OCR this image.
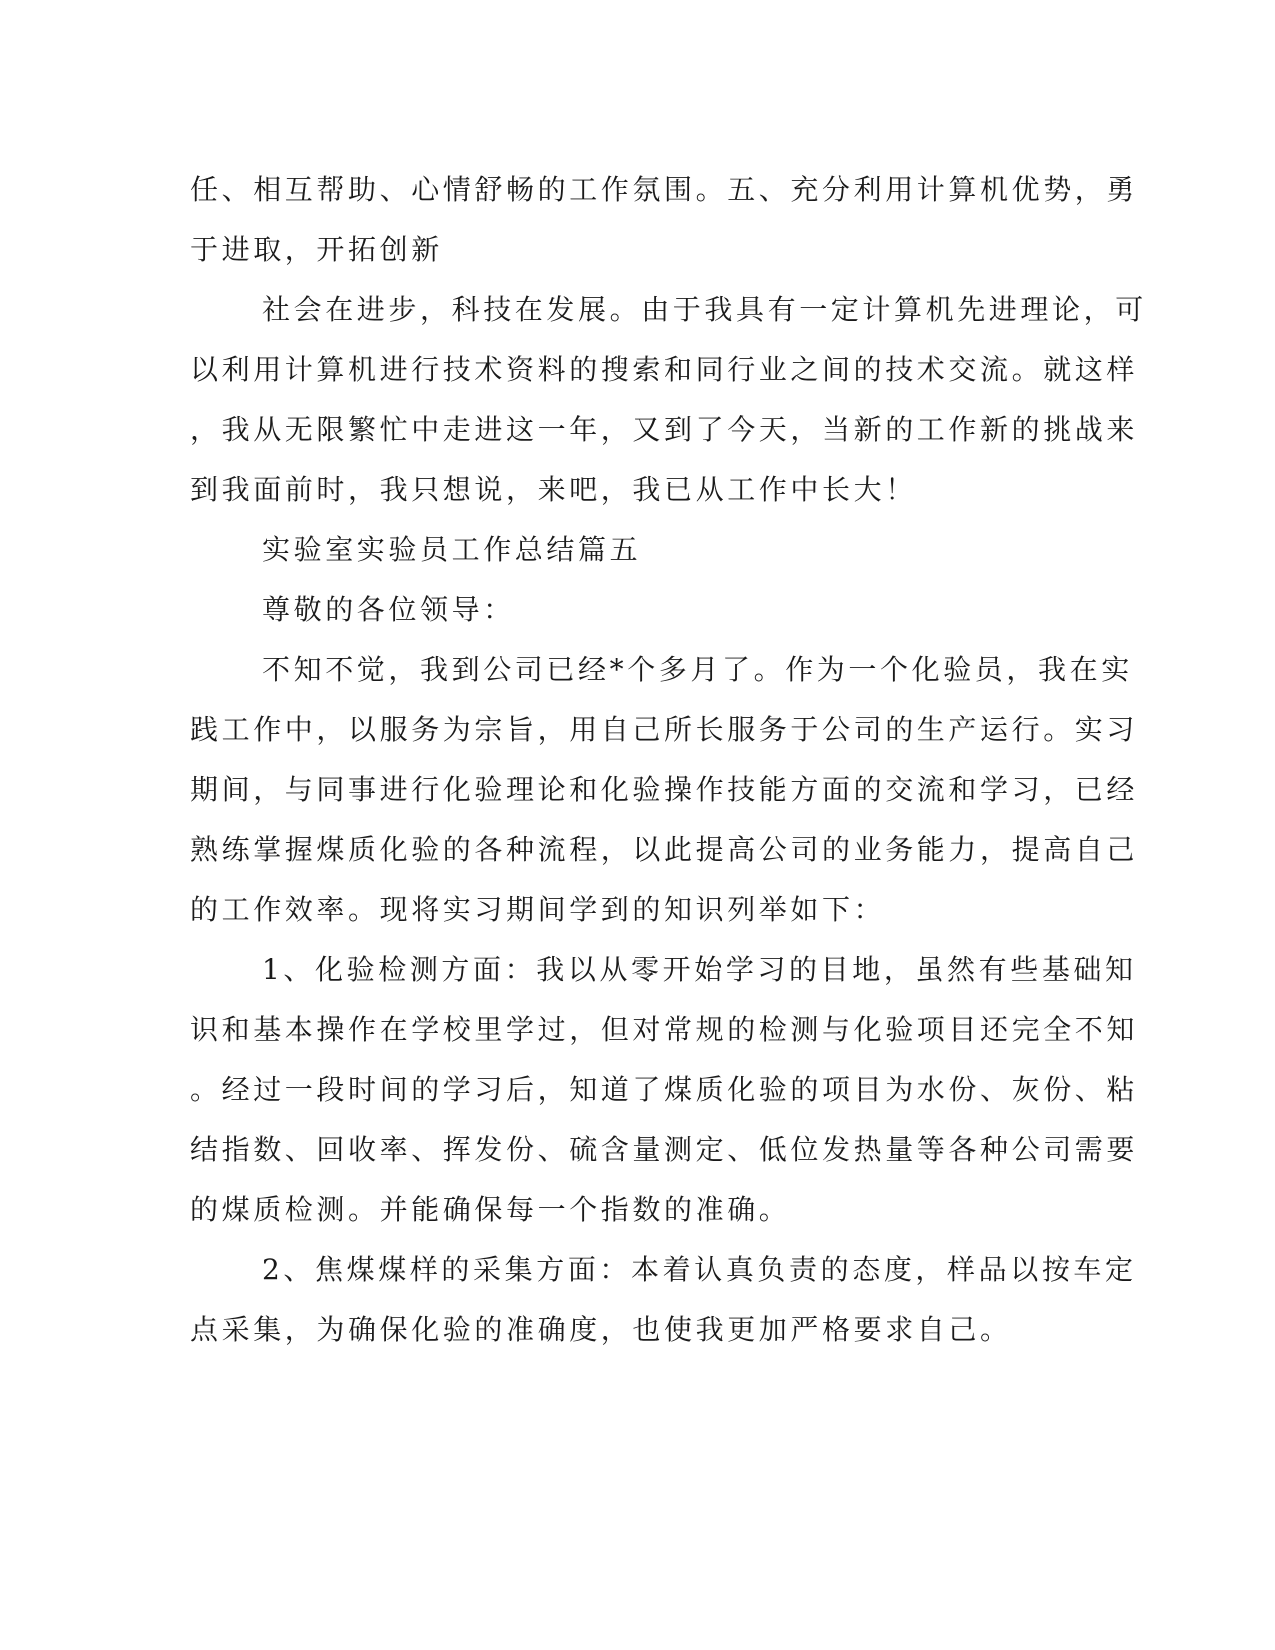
任、相互帮助、心情舒畅的工作氛围。五、充分利用计算机优势，勇
于进取，开拓创新
社会在进步，科技在发展。由于我具有一定计算机先进理论，可
以利用计算机进行技术资料的搜索和同行业之间的技术交流。就这样
，我从无限繁忙中走进这一年，又到了今天，当新的工作新的挑战来
到我面前时，我只想说，来吧，我已从工作中长大！
实验室实验员工作总结篇五
尊敬的各位领导：
不知不觉，我到公司已经*个多月了。作为一个化验员，我在实
践工作中，以服务为宗旨，用自己所长服务于公司的生产运行。实习
期间，与同事进行化验理论和化验操作技能方面的交流和学习，已经
熟练掌握煤质化验的各种流程，以此提高公司的业务能力，提高自己
的工作效率。现将实习期间学到的知识列举如下：
1、化验检测方面：我以从零开始学习的目地，虽然有些基础知
识和基本操作在学校里学过，但对常规的检测与化验项目还完全不知
。经过一段时间的学习后，知道了煤质化验的项目为水份、灰份、粘
结指数、回收率、挥发份、硫含量测定、低位发热量等各种公司需要
的煤质检测。并能确保每一个指数的准确。
2、焦煤煤样的采集方面：本着认真负责的态度，样品以按车定
点采集，为确保化验的准确度，也使我更加严格要求自己。
